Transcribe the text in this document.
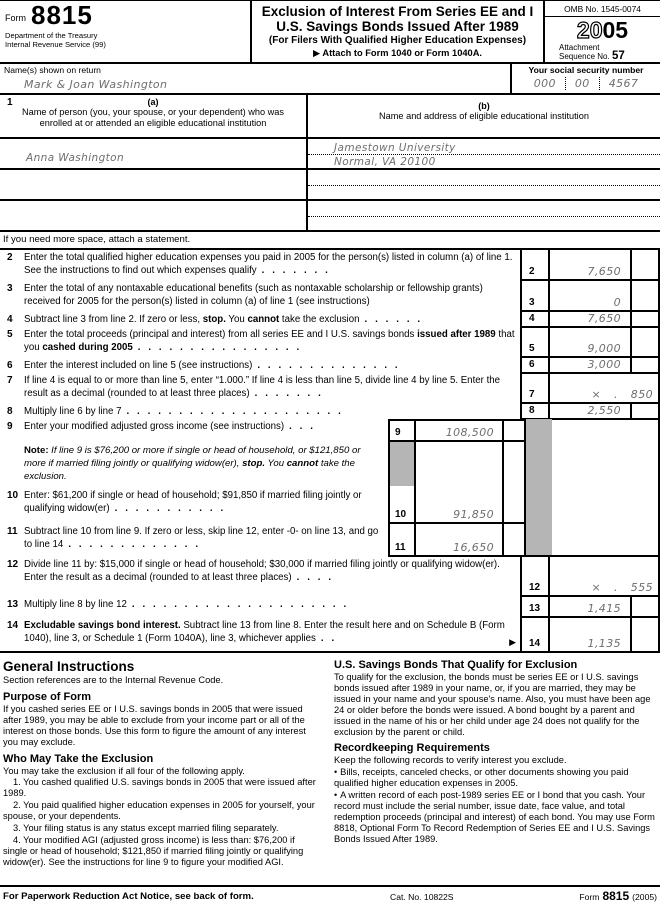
Form 8815
Department of the Treasury
Internal Revenue Service (99)
Exclusion of Interest From Series EE and I
U.S. Savings Bonds Issued After 1989
(For Filers With Qualified Higher Education Expenses)
▶ Attach to Form 1040 or Form 1040A.
OMB No. 1545-0074
2005
Attachment
Sequence No. 57
Name(s) shown on return
Mark & Joan Washington
Your social security number
000	00	4567
1	(a)
Name of person (you, your spouse, or your dependent) who was enrolled at or attended an eligible educational institution
(b)
Name and address of eligible educational institution
Anna Washington
Jamestown University
Normal, VA 20100
If you need more space, attach a statement.
2	Enter the total qualified higher education expenses you paid in 2005 for the person(s) listed in column (a) of line 1. See the instructions to find out which expenses qualify . . . . . . .	2	7,650
3	Enter the total of any nontaxable educational benefits (such as nontaxable scholarship or fellowship grants) received for 2005 for the person(s) listed in column (a) of line 1 (see instructions)	3	0
4	Subtract line 3 from line 2. If zero or less, stop. You cannot take the exclusion . . . . . .	4	7,650
5	Enter the total proceeds (principal and interest) from all series EE and I U.S. savings bonds issued after 1989 that you cashed during 2005 . . . . . . . . . . . . . . . .	5	9,000
6	Enter the interest included on line 5 (see instructions) . . . . . . . . . . . . . .	6	3,000
7	If line 4 is equal to or more than line 5, enter “1.000.” If line 4 is less than line 5, divide line 4 by line 5. Enter the result as a decimal (rounded to at least three places) . . . . . . .	7	× . 850
8	Multiply line 6 by line 7 . . . . . . . . . . . . . . . . . . . . .	8	2,550
9	Enter your modified adjusted gross income (see instructions) . . .
9	108,500
Note: If line 9 is $76,200 or more if single or head of household, or $121,850 or more if married filing jointly or qualifying widow(er), stop. You cannot take the exclusion.
10 Enter: $61,200 if single or head of household; $91,850 if married filing jointly or qualifying widow(er) . . . . . . . . . . .
10	91,850
11 Subtract line 10 from line 9. If zero or less, skip line 12, enter -0- on line 13, and go to line 14 . . . . . . . . . . . . .	11	16,650
12 Divide line 11 by: $15,000 if single or head of household; $30,000 if married filing jointly or qualifying widow(er). Enter the result as a decimal (rounded to at least three places) . . . .
12	× . 555
13 Multiply line 8 by line 12 . . . . . . . . . . . . . . . . . . . . .	13	1,415
14 Excludable savings bond interest. Subtract line 13 from line 8. Enter the result here and on Schedule B (Form 1040), line 3, or Schedule 1 (Form 1040A), line 3, whichever applies . .	▶	14	1,135
General Instructions
Section references are to the Internal Revenue Code.
Purpose of Form
If you cashed series EE or I U.S. savings bonds in 2005 that were issued after 1989, you may be able to exclude from your income part or all of the interest on those bonds. Use this form to figure the amount of any interest you may exclude.
Who May Take the Exclusion
You may take the exclusion if all four of the following apply.
1. You cashed qualified U.S. savings bonds in 2005 that were issued after 1989.
2. You paid qualified higher education expenses in 2005 for yourself, your spouse, or your dependents.
3. Your filing status is any status except married filing separately.
4. Your modified AGI (adjusted gross income) is less than: $76,200 if single or head of household; $121,850 if married filing jointly or qualifying widow(er). See the instructions for line 9 to figure your modified AGI.
U.S. Savings Bonds That Qualify for Exclusion
To qualify for the exclusion, the bonds must be series EE or I U.S. savings bonds issued after 1989 in your name, or, if you are married, they may be issued in your name and your spouse's name. Also, you must have been age 24 or older before the bonds were issued. A bond bought by a parent and issued in the name of his or her child under age 24 does not qualify for the exclusion by the parent or child.
Recordkeeping Requirements
Keep the following records to verify interest you exclude.
• Bills, receipts, canceled checks, or other documents showing you paid qualified higher education expenses in 2005.
• A written record of each post-1989 series EE or I bond that you cash. Your record must include the serial number, issue date, face value, and total redemption proceeds (principal and interest) of each bond. You may use Form 8818, Optional Form To Record Redemption of Series EE and I U.S. Savings Bonds Issued After 1989.
For Paperwork Reduction Act Notice, see back of form.	Cat. No. 10822S	Form 8815 (2005)
